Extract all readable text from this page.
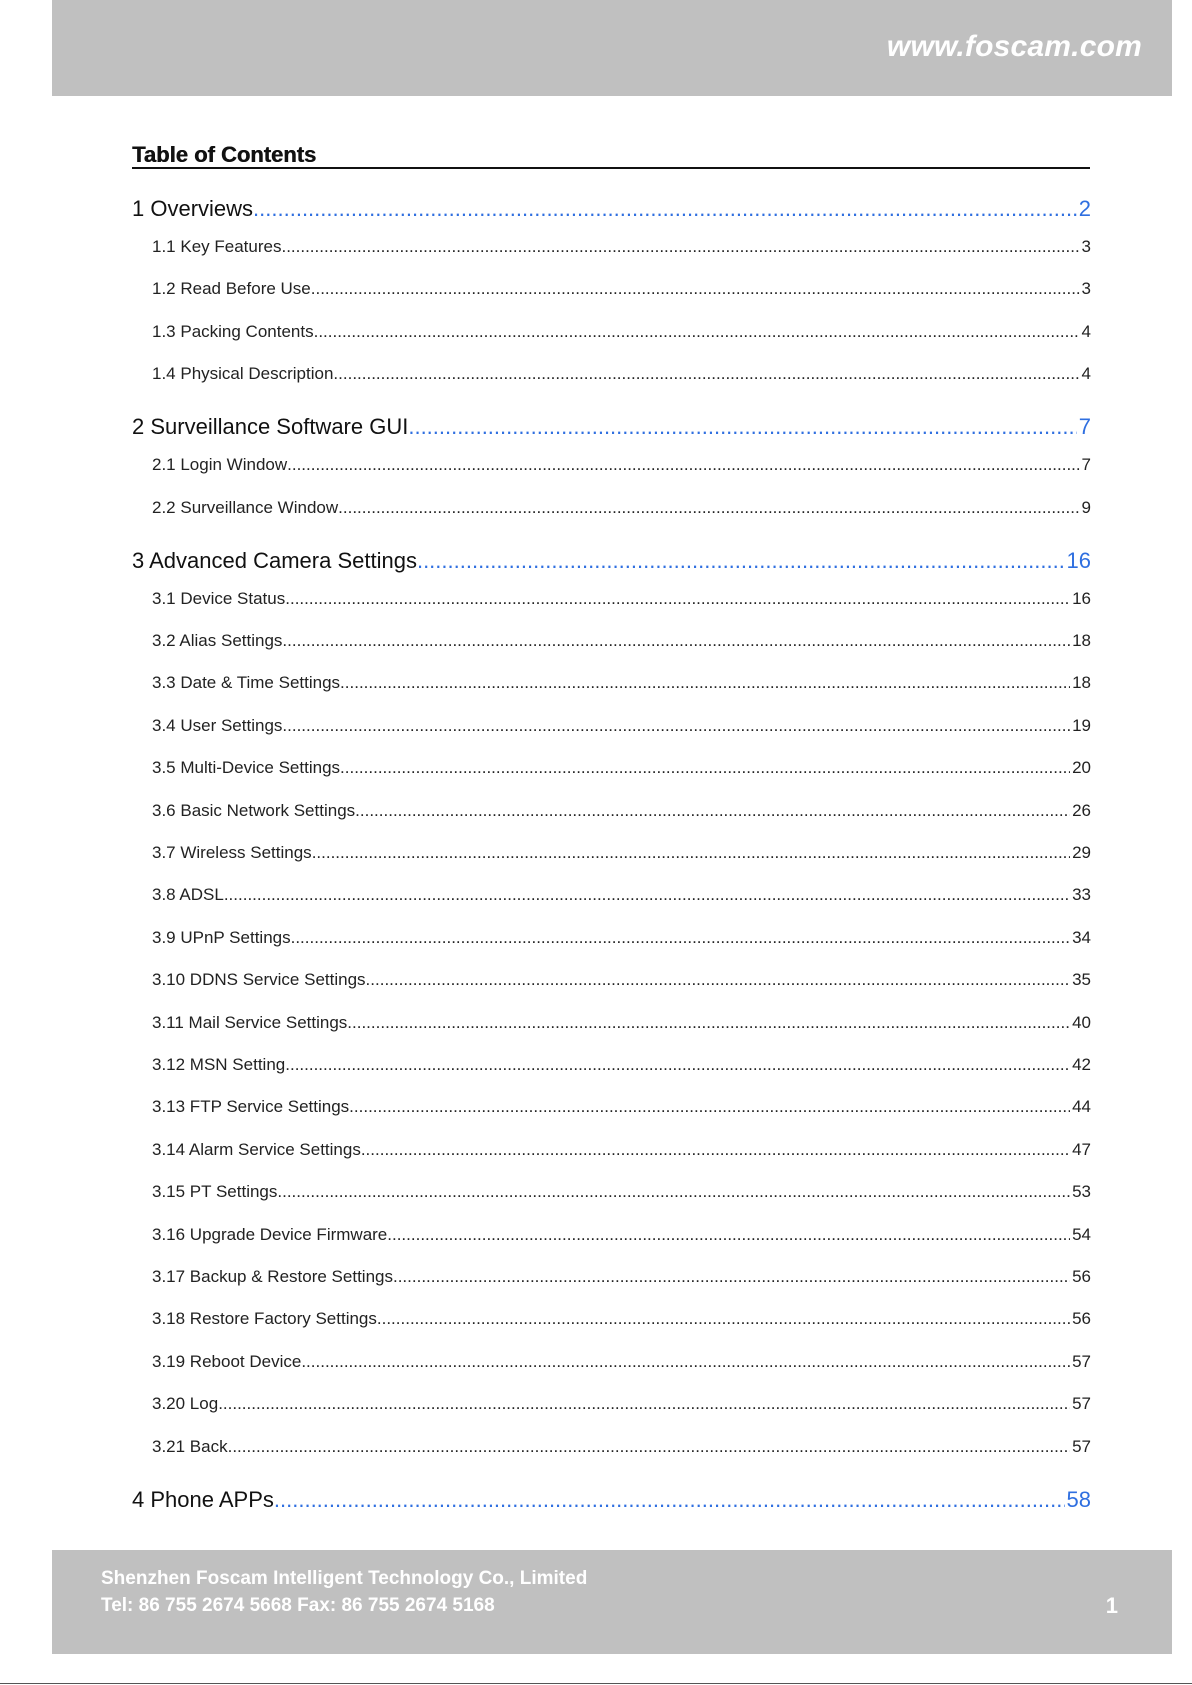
www.foscam.com
Table of Contents
1 Overviews .....	2
1.1 Key Features .....	3
1.2 Read Before Use .....	3
1.3 Packing Contents .....	4
1.4 Physical Description .....	4
2 Surveillance Software GUI .....	7
2.1 Login Window .....	7
2.2 Surveillance Window .....	9
3 Advanced Camera Settings .....	16
3.1 Device Status .....	16
3.2 Alias Settings .....	18
3.3 Date & Time Settings .....	18
3.4 User Settings .....	19
3.5 Multi-Device Settings .....	20
3.6 Basic Network Settings .....	26
3.7 Wireless Settings .....	29
3.8 ADSL .....	33
3.9 UPnP Settings .....	34
3.10 DDNS Service Settings .....	35
3.11 Mail Service Settings .....	40
3.12 MSN Setting .....	42
3.13 FTP Service Settings .....	44
3.14 Alarm Service Settings .....	47
3.15 PT Settings .....	53
3.16 Upgrade Device Firmware .....	54
3.17 Backup & Restore Settings .....	56
3.18 Restore Factory Settings .....	56
3.19 Reboot Device .....	57
3.20 Log .....	57
3.21 Back .....	57
4 Phone APPs .....	58
Shenzhen Foscam Intelligent Technology Co., Limited
Tel: 86 755 2674 5668 Fax: 86 755 2674 5168	1
